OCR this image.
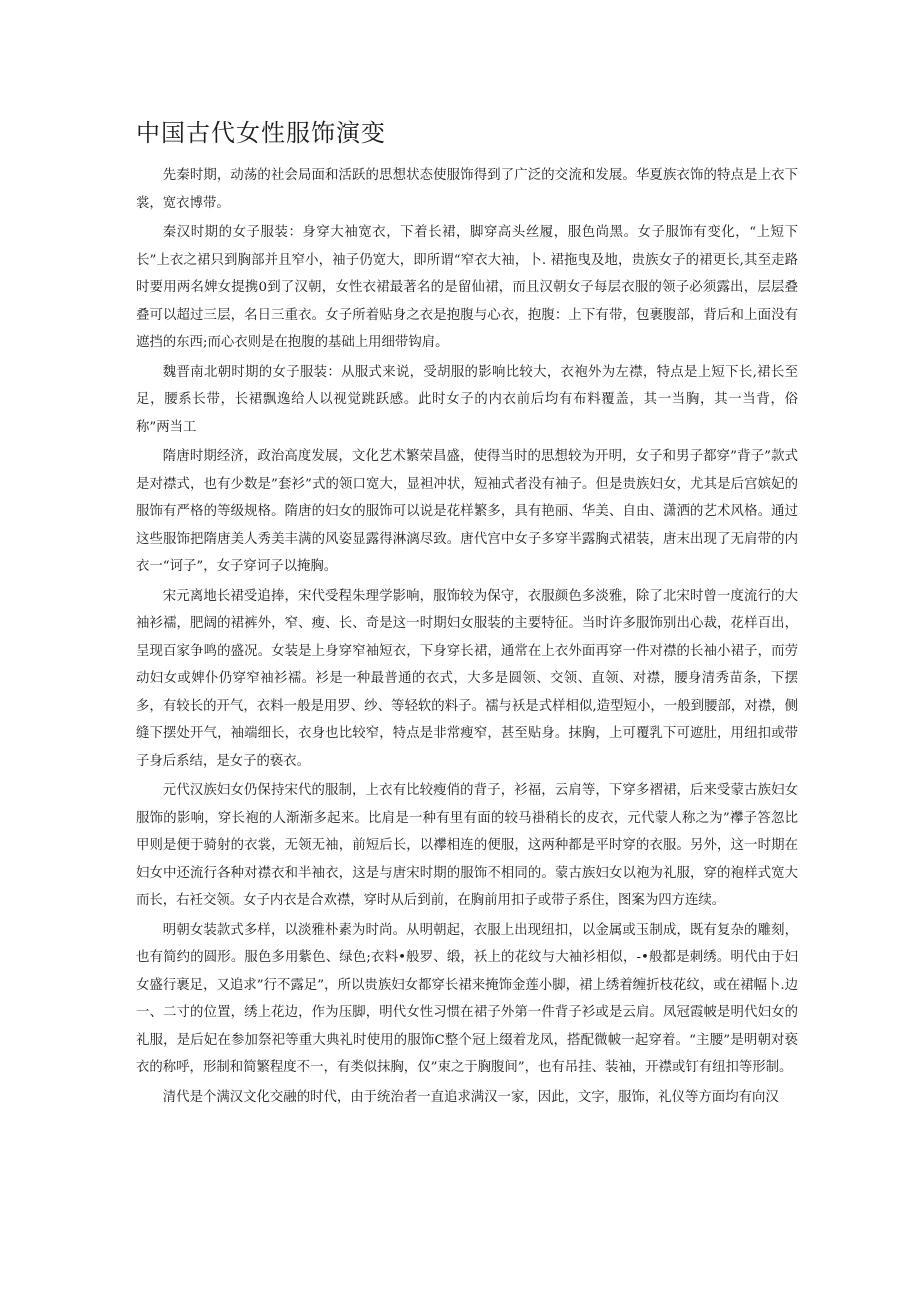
中国古代女性服饰演变

先秦时期，动荡的社会局面和活跃的思想状态使服饰得到了广泛的交流和发展。华夏族衣饰的特点是上衣下裳，宽衣博带。

秦汉时期的女子服装：身穿大袖宽衣，下着长裙，脚穿高头丝履，服色尚黑。女子服饰有变化，“上短下长”上衣之裙只到胸部并且窄小，袖子仍宽大，即所谓“窄衣大袖，卜. 裙拖曳及地，贵族女子的裙更长,其至走路时要用两名婢女提携0到了汉朝，女性衣裙最著名的是留仙裙，而且汉朝女子每层衣服的领子必须露出，层层叠叠可以超过三层，名日三重衣。女子所着贴身之衣是抱腹与心衣，抱腹：上下有带，包裹腹部，背后和上面没有遮挡的东西;而心衣则是在抱腹的基础上用细带钩肩。

魏晋南北朝时期的女子服装：从服式来说，受胡服的影响比较大，衣袍外为左襟，特点是上短下长,裙长至足，腰系长带，长裙飘逸给人以视觉跳跃感。此时女子的内衣前后均有布料覆盖，其一当胸，其一当背，俗称”两当工

隋唐时期经济，政治高度发展，文化艺术繁荣昌盛，使得当时的思想较为开明，女子和男子都穿”背子”款式是对襟式，也有少数是”套衫”式的领口宽大，显袒冲状，短袖式者没有袖子。但是贵族妇女，尤其是后宫嫔妃的服饰有严格的等级规格。隋唐的妇女的服饰可以说是花样繁多，具有艳丽、华美、自由、潇洒的艺术风格。通过这些服饰把隋唐美人秀美丰满的风姿显露得淋漓尽致。唐代宫中女子多穿半露胸式裙装，唐末出现了无肩带的内衣一“诃子”，女子穿诃子以掩胸。

宋元离地长裙受追捧，宋代受程朱理学影响，服饰较为保守，衣服颜色多淡雅，除了北宋时曾一度流行的大袖衫襦，肥阔的裙裤外，窄、瘦、长、奇是这一时期妇女服装的主要特征。当时许多服饰别出心裁，花样百出，呈现百家争鸣的盛况。女装是上身穿窄袖短衣，下身穿长裙，通常在上衣外面再穿一件对襟的长袖小裙子，而劳动妇女或婢仆仍穿窄袖衫襦。衫是一种最普通的衣式，大多是圆领、交领、直领、对襟，腰身清秀苗条，下摆多，有较长的开气，衣料一般是用罗、纱、等轻软的料子。襦与袄是式样相似,造型短小，一般到腰部，对襟，侧缝下摆处开气，袖端细长，衣身也比较窄，特点是非常瘦窄，甚至贴身。抹胸，上可覆乳下可遮肚，用纽扣或带子身后系结，是女子的亵衣。

元代汉族妇女仍保持宋代的服制，上衣有比较瘦俏的背子，衫福，云肩等，下穿多褶裙，后来受蒙古族妇女服饰的影响，穿长袍的人渐渐多起来。比肩是一种有里有面的较马褂稍长的皮衣，元代蒙人称之为”襻子答忽比甲则是便于骑射的衣裳，无领无袖，前短后长，以襻相连的便服，这两种都是平时穿的衣服。另外，这一时期在妇女中还流行各种对襟衣和半袖衣，这是与唐宋时期的服饰不相同的。蒙古族妇女以袍为礼服，穿的袍样式宽大而长，右衽交领。女子内衣是合欢襟，穿时从后到前，在胸前用扣子或带子系住，图案为四方连续。

明朝女装款式多样，以淡雅朴素为时尚。从明朝起，衣服上出现纽扣，以金属或玉制成，既有复杂的雕刻，也有简约的圆形。服色多用紫色、绿色;衣料•般罗、缎，袄上的花纹与大袖衫相似，-•般都是刺绣。明代由于妇女盛行裹足，又追求”行不露足”，所以贵族妇女都穿长裙来掩饰金莲小脚，裙上绣着缠折枝花纹，或在裙幅卜.边一、二寸的位置，绣上花边，作为压脚，明代女性习惯在裙子外第一件背子衫或是云肩。凤冠霞帔是明代妇女的礼服，是后妃在参加祭祀等重大典礼时使用的服饰C整个冠上缀着龙凤，搭配微帔一起穿着。“主腰”是明朝对亵衣的称呼，形制和简繁程度不一，有类似抹胸，仅”束之于胸腹间”，也有吊挂、装袖，开襟或钉有纽扣等形制。

清代是个满汉文化交融的时代，由于统治者一直追求满汉一家，因此，文字，服饰，礼仪等方面均有向汉
